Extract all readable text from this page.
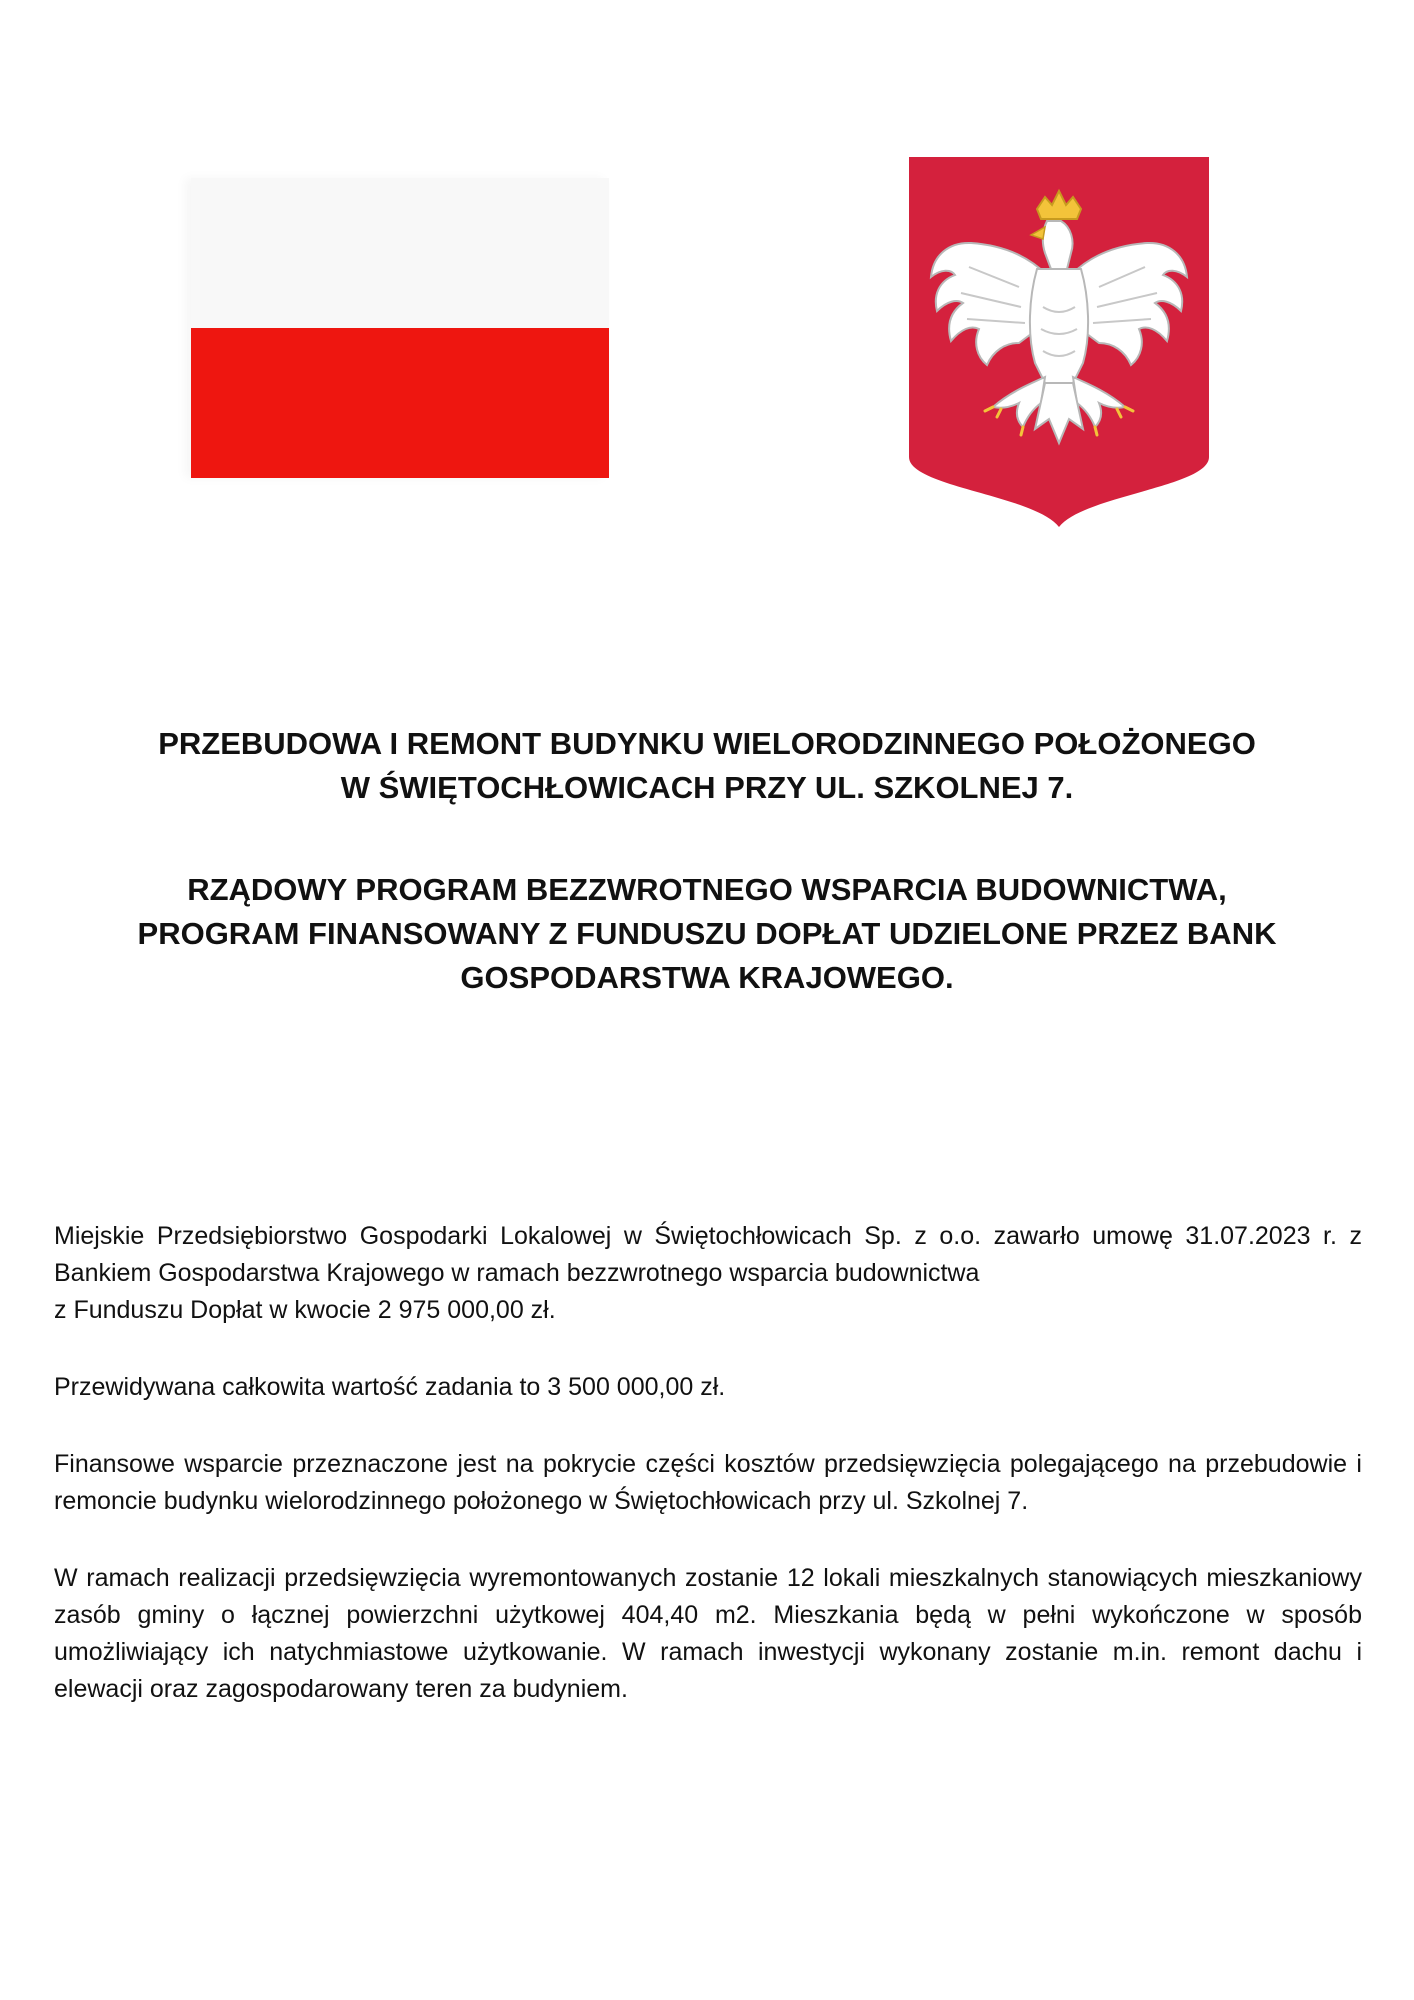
PRZEBUDOWA I REMONT BUDYNKU WIELORODZINNEGO POŁOŻONEGO

W ŚWIĘTOCHŁOWICACH PRZY UL. SZKOLNEJ 7.

RZĄDOWY PROGRAM BEZZWROTNEGO WSPARCIA BUDOWNICTWA,

PROGRAM FINANSOWANY Z FUNDUSZU DOPŁAT UDZIELONE PRZEZ BANK

GOSPODARSTWA KRAJOWEGO.

Miejskie Przedsiębiorstwo Gospodarki Lokalowej w Świętochłowicach Sp. z o.o. zawarło umowę 31.07.2023 r. z Bankiem Gospodarstwa Krajowego w ramach bezzwrotnego wsparcia budownictwa

z Funduszu Dopłat w kwocie 2 975 000,00 zł.

Przewidywana całkowita wartość zadania to 3 500 000,00 zł.

Finansowe wsparcie przeznaczone jest na pokrycie części kosztów przedsięwzięcia polegającego na przebudowie i remoncie budynku wielorodzinnego położonego w Świętochłowicach przy ul. Szkolnej 7.

W ramach realizacji przedsięwzięcia wyremontowanych zostanie 12 lokali mieszkalnych stanowiących mieszkaniowy zasób gminy o łącznej powierzchni użytkowej 404,40 m2. Mieszkania będą w pełni wykończone w sposób umożliwiający ich natychmiastowe użytkowanie. W ramach inwestycji wykonany zostanie m.in. remont dachu i elewacji oraz zagospodarowany teren za budyniem.
